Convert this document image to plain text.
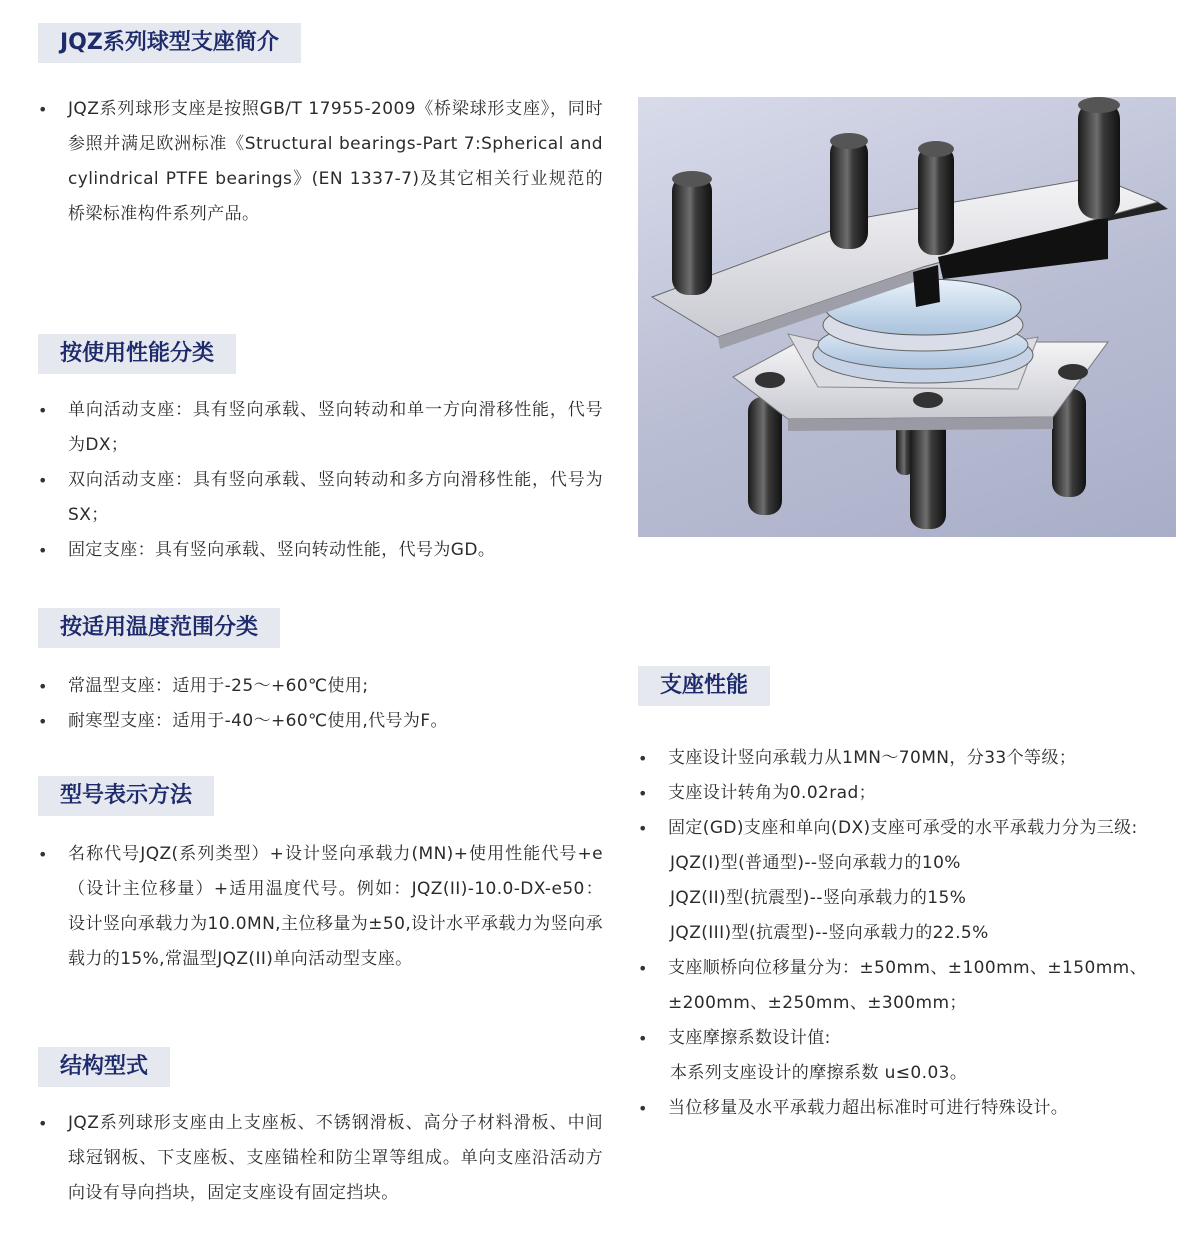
JQZ系列球型支座简介
• JQZ系列球形支座是按照GB/T 17955-2009《桥梁球形支座》，同时参照并满足欧洲标准《Structural bearings-Part 7:Spherical and cylindrical PTFE bearings》(EN 1337-7)及其它相关行业规范的桥梁标准构件系列产品。
按使用性能分类
• 单向活动支座：具有竖向承载、竖向转动和单一方向滑移性能，代号为DX；
• 双向活动支座：具有竖向承载、竖向转动和多方向滑移性能，代号为SX；
• 固定支座：具有竖向承载、竖向转动性能，代号为GD。
按适用温度范围分类
• 常温型支座：适用于-25～+60℃使用;
• 耐寒型支座：适用于-40～+60℃使用,代号为F。
型号表示方法
• 名称代号JQZ(系列类型）+设计竖向承载力(MN)+使用性能代号+e（设计主位移量）+适用温度代号。例如：JQZ(II)-10.0-DX-e50：设计竖向承载力为10.0MN,主位移量为±50,设计水平承载力为竖向承载力的15%,常温型JQZ(II)单向活动型支座。
结构型式
• JQZ系列球形支座由上支座板、不锈钢滑板、高分子材料滑板、中间球冠钢板、下支座板、支座锚栓和防尘罩等组成。单向支座沿活动方向设有导向挡块，固定支座设有固定挡块。
支座性能
• 支座设计竖向承载力从1MN～70MN，分33个等级；
• 支座设计转角为0.02rad；
• 固定(GD)支座和单向(DX)支座可承受的水平承载力分为三级:
JQZ(I)型(普通型)--竖向承载力的10%
JQZ(II)型(抗震型)--竖向承载力的15%
JQZ(III)型(抗震型)--竖向承载力的22.5%
• 支座顺桥向位移量分为：±50mm、±100mm、±150mm、±200mm、±250mm、±300mm；
• 支座摩擦系数设计值:
本系列支座设计的摩擦系数 u≤0.03。
• 当位移量及水平承载力超出标准时可进行特殊设计。
